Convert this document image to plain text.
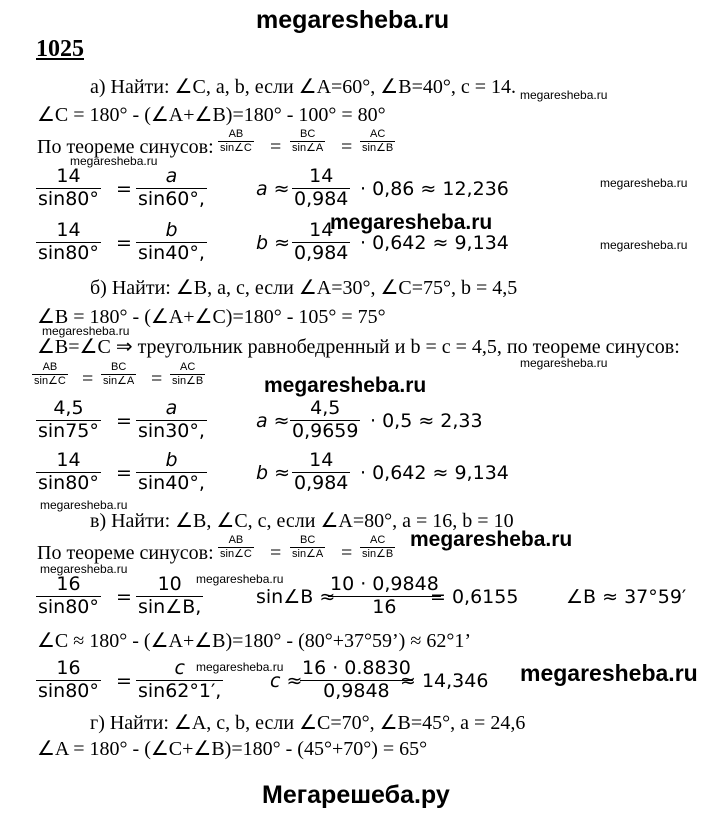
megaresheba.ru
Мегарешеба.ру
1025
а) Найти: ∠C, a, b, если ∠A=60°, ∠B=40°, c = 14. megaresheba.ru
∠C = 180° - (∠A+∠B)=180° - 100° = 80°
По теореме синусов:
AB
sin∠C =
BC
sin∠A =
AC
sin∠B
megaresheba.ru
14
sin80° =
a
sin60°,	a ≈
14
0,984 · 0,86 ≈ 12,236	megaresheba.ru
megaresheba.ru
14
sin80° =
b
sin40°,	b ≈
14
0,984 · 0,642 ≈ 9,134	megaresheba.ru
б) Найти: ∠B, a, c, если ∠A=30°, ∠C=75°, b = 4,5
∠B = 180° - (∠A+∠C)=180° - 105° = 75°
megaresheba.ru
∠B=∠C ⇒ треугольник равнобедренный и b = c = 4,5, по теореме синусов:
megaresheba.ru
AB
sin∠C =
BC
sin∠A =
AC
sin∠B	megaresheba.ru
4,5
sin75° =
a
sin30°,	a ≈
4,5
0,9659 · 0,5 ≈ 2,33
14
sin80° =
b
sin40°,	b ≈
14
0,984 · 0,642 ≈ 9,134
megaresheba.ru
в) Найти: ∠B, ∠C, c, если ∠A=80°, a = 16, b = 10
По теореме синусов:
AB
sin∠C =
BC
sin∠A =
AC
sin∠B
megaresheba.ru
megaresheba.ru
megaresheba.ru
16
sin80° =
10
sin∠B,	sin∠B ≈
10 · 0,9848
16 = 0,6155	∠B ≈ 37°59′
∠C ≈ 180° - (∠A+∠B)=180° - (80°+37°59’) ≈ 62°1’
megaresheba.ru
16
sin80° =
c
sin62°1′,	c ≈
16 · 0.8830
0,9848 ≈ 14,346 megaresheba.ru
г) Найти: ∠A, c, b, если ∠C=70°, ∠B=45°, a = 24,6
∠A = 180° - (∠C+∠B)=180° - (45°+70°) = 65°
